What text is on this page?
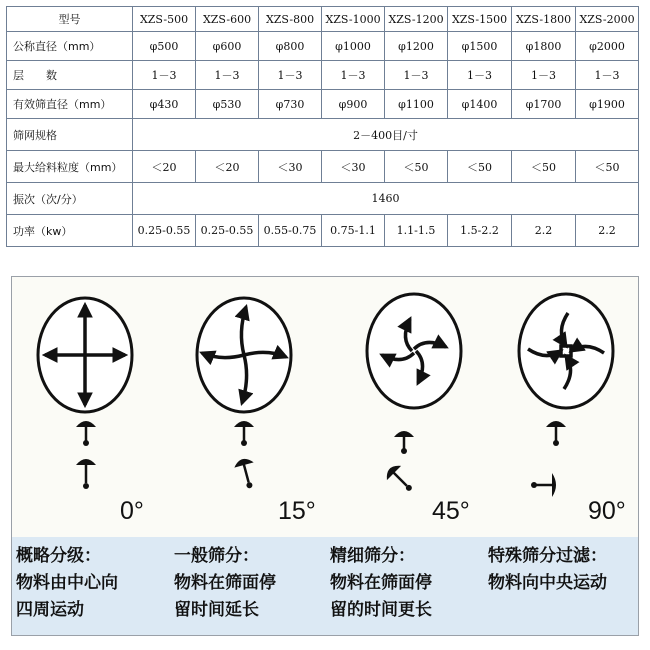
型号	XZS-500	XZS-600	XZS-800	XZS-1000	XZS-1200	XZS-1500	XZS-1800	XZS-2000
公称直径（mm）	φ500	φ600	φ800	φ1000	φ1200	φ1500	φ1800	φ2000
层　　数	1－3	1－3	1－3	1－3	1－3	1－3	1－3	1－3
有效筛直径（mm）	φ430	φ530	φ730	φ900	φ1100	φ1400	φ1700	φ1900
筛网规格	2－400目/寸							
最大给料粒度（mm）	＜20	＜20	＜30	＜30	＜50	＜50	＜50	＜50
振次（次/分）	1460							
功率（kw）	0.25-0.55	0.25-0.55	0.55-0.75	0.75-1.1	1.1-1.5	1.5-2.2	2.2	2.2
0°	15°	45°	90°
概略分级：
物料由中心向
四周运动
一般筛分：
物料在筛面停
留时间延长
精细筛分：
物料在筛面停
留的时间更长
特殊筛分过滤：
物料向中央运动
